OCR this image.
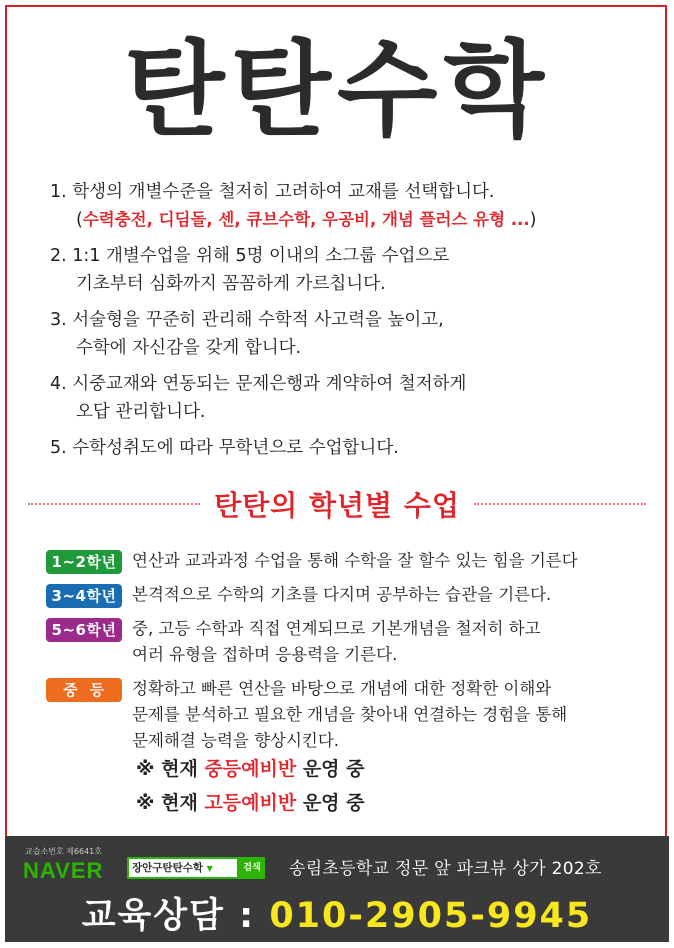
탄탄수학
1. 학생의 개별수준을 철저히 고려하여 교재를 선택합니다.
(수력충전, 디딤돌, 센, 큐브수학, 우공비, 개념 플러스 유형 ...)
2. 1:1 개별수업을 위해 5명 이내의 소그룹 수업으로
기초부터 심화까지 꼼꼼하게 가르칩니다.
3. 서술형을 꾸준히 관리해 수학적 사고력을 높이고,
수학에 자신감을 갖게 합니다.
4. 시중교재와 연동되는 문제은행과 계약하여 철저하게
오답 관리합니다.
5. 수학성취도에 따라 무학년으로 수업합니다.
탄탄의 학년별 수업
1~2학년 연산과 교과과정 수업을 통해 수학을 잘 할수 있는 힘을 기른다
3~4학년 본격적으로 수학의 기초를 다지며 공부하는 습관을 기른다.
5~6학년 중, 고등 수학과 직접 연계되므로 기본개념을 철저히 하고
여러 유형을 접하며 응용력을 기른다.
중  등	정확하고 빠른 연산을 바탕으로 개념에 대한 정확한 이해와
문제를 분석하고 필요한 개념을 찾아내 연결하는 경험을 통해
문제해결 능력을 향상시킨다.
※ 현재 중등예비반 운영 중
※ 현재 고등예비반 운영 중
교습소번호 제6641호
NAVER	장안구탄탄수학 ▼	검색 송림초등학교 정문 앞 파크뷰 상가 202호
교육상담 : 010-2905-9945
